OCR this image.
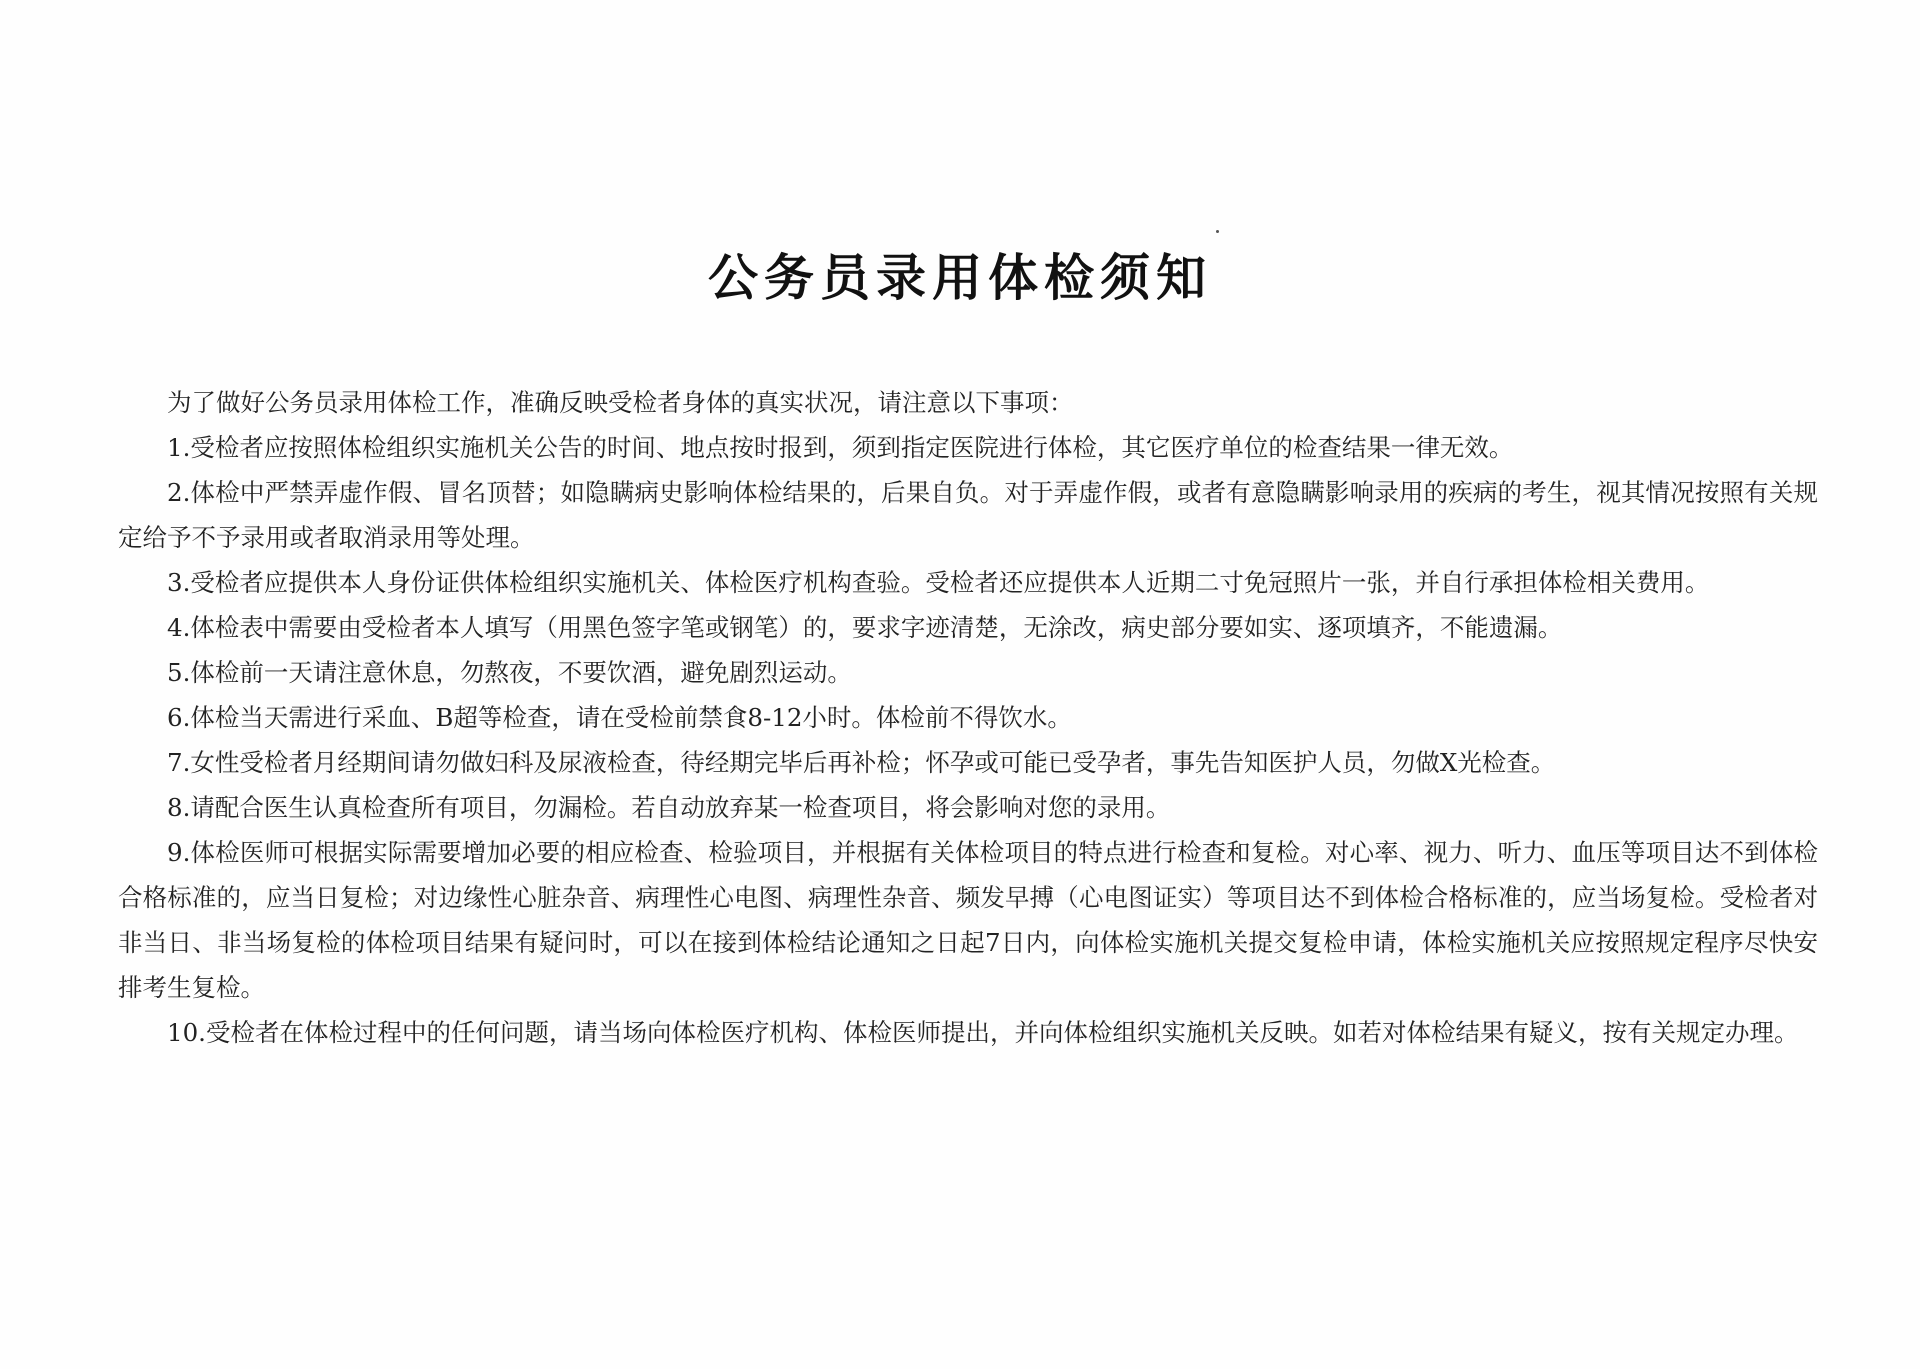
公务员录用体检须知

为了做好公务员录用体检工作，准确反映受检者身体的真实状况，请注意以下事项：

1.受检者应按照体检组织实施机关公告的时间、地点按时报到，须到指定医院进行体检，其它医疗单位的检查结果一律无效。

2.体检中严禁弄虚作假、冒名顶替；如隐瞒病史影响体检结果的，后果自负。对于弄虚作假，或者有意隐瞒影响录用的疾病的考生，视其情况按照有关规定给予不予录用或者取消录用等处理。

3.受检者应提供本人身份证供体检组织实施机关、体检医疗机构查验。受检者还应提供本人近期二寸免冠照片一张，并自行承担体检相关费用。

4.体检表中需要由受检者本人填写（用黑色签字笔或钢笔）的，要求字迹清楚，无涂改，病史部分要如实、逐项填齐，不能遗漏。

5.体检前一天请注意休息，勿熬夜，不要饮酒，避免剧烈运动。

6.体检当天需进行采血、B超等检查，请在受检前禁食8-12小时。体检前不得饮水。

7.女性受检者月经期间请勿做妇科及尿液检查，待经期完毕后再补检；怀孕或可能已受孕者，事先告知医护人员，勿做X光检查。

8.请配合医生认真检查所有项目，勿漏检。若自动放弃某一检查项目，将会影响对您的录用。

9.体检医师可根据实际需要增加必要的相应检查、检验项目，并根据有关体检项目的特点进行检查和复检。对心率、视力、听力、血压等项目达不到体检合格标准的，应当日复检；对边缘性心脏杂音、病理性心电图、病理性杂音、频发早搏（心电图证实）等项目达不到体检合格标准的，应当场复检。受检者对非当日、非当场复检的体检项目结果有疑问时，可以在接到体检结论通知之日起7日内，向体检实施机关提交复检申请，体检实施机关应按照规定程序尽快安排考生复检。

10.受检者在体检过程中的任何问题，请当场向体检医疗机构、体检医师提出，并向体检组织实施机关反映。如若对体检结果有疑义，按有关规定办理。
